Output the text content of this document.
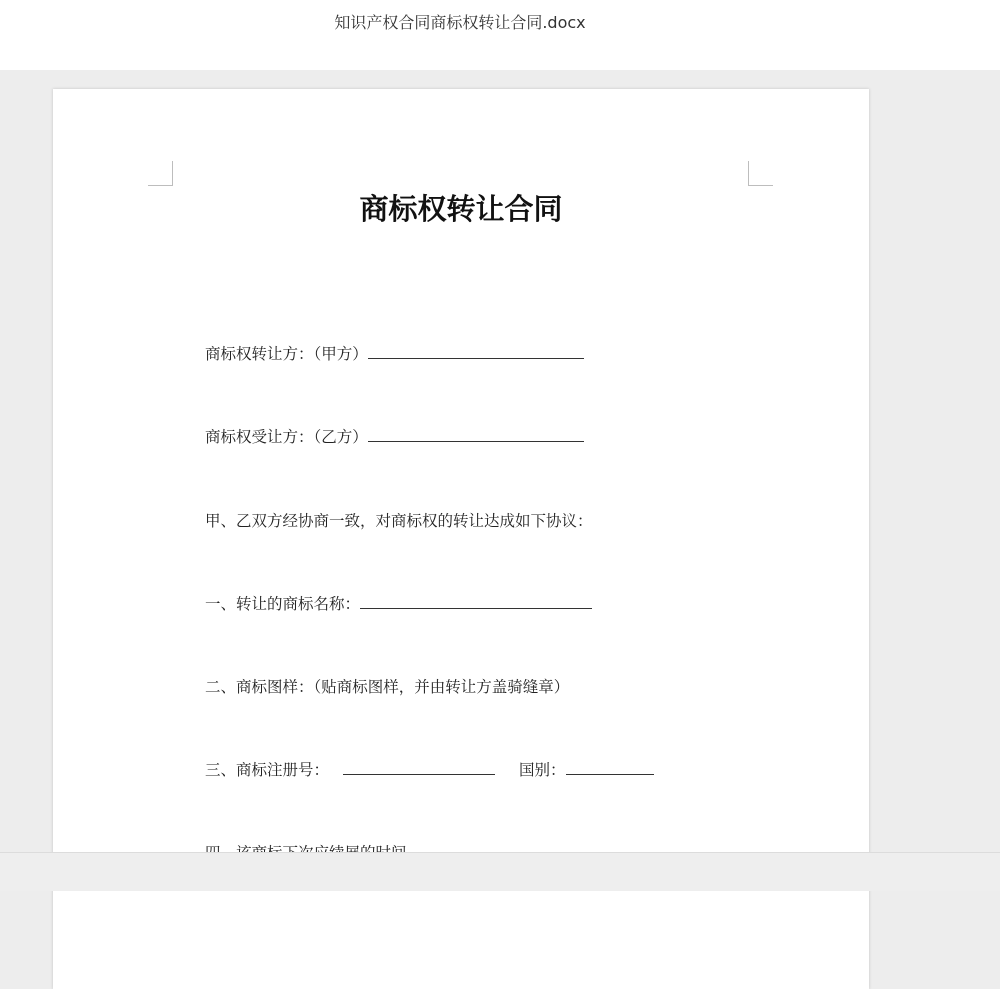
知识产权合同商标权转让合同.docx
商标权转让合同
商标权转让方：（甲方）
商标权受让方：（乙方）
甲、乙双方经协商一致，对商标权的转让达成如下协议：
一、转让的商标名称：
二、商标图样：（贴商标图样，并由转让方盖骑缝章）
三、商标注册号：	国别：
